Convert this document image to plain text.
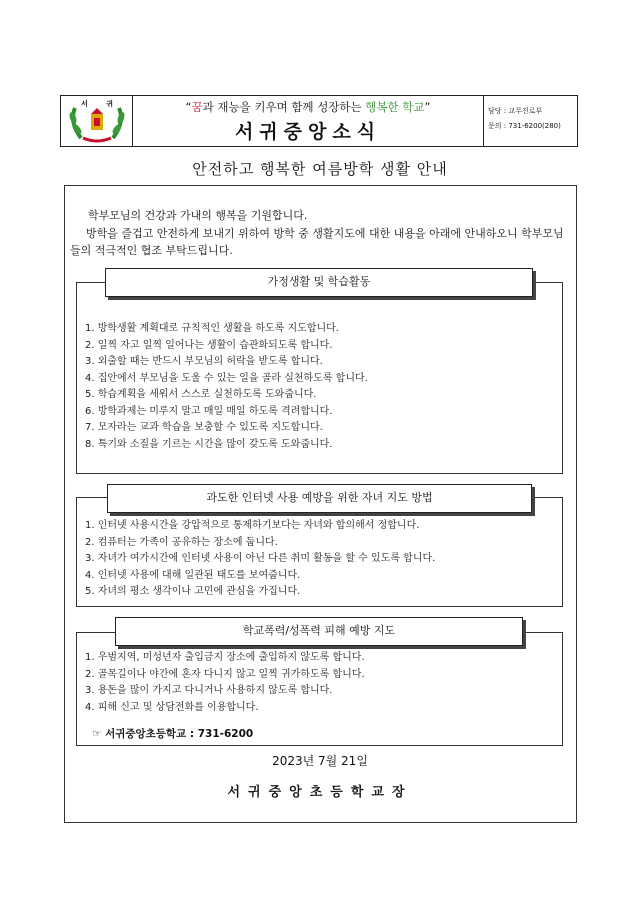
서 귀	“꿈과 재능을 키우며 함께 성장하는 행복한 학교”
서귀중앙소식
담당 : 교무진로부
문의 : 731-6200(280)
안전하고 행복한 여름방학 생활 안내
학부모님의 건강과 가내의 행복을 기원합니다.
방학을 즐겁고 안전하게 보내기 위하여 방학 중 생활지도에 대한 내용을 아래에 안내하오니 학부모님들의 적극적인 협조 부탁드립니다.
가정생활 및 학습활동
1. 방학생활 계획대로 규칙적인 생활을 하도록 지도합니다.
2. 일찍 자고 일찍 일어나는 생활이 습관화되도록 합니다.
3. 외출할 때는 반드시 부모님의 허락을 받도록 합니다.
4. 집안에서 부모님을 도울 수 있는 일을 골라 실천하도록 합니다.
5. 학습계획을 세워서 스스로 실천하도록 도와줍니다.
6. 방학과제는 미루지 말고 매일 매일 하도록 격려합니다.
7. 모자라는 교과 학습을 보충할 수 있도록 지도합니다.
8. 특기와 소질을 기르는 시간을 많이 갖도록 도와줍니다.
과도한 인터넷 사용 예방을 위한 자녀 지도 방법
1. 인터넷 사용시간을 강압적으로 통제하기보다는 자녀와 합의해서 정합니다.
2. 컴퓨터는 가족이 공유하는 장소에 둡니다.
3. 자녀가 여가시간에 인터넷 사용이 아닌 다른 취미 활동을 할 수 있도록 합니다.
4. 인터넷 사용에 대해 일관된 태도를 보여줍니다.
5. 자녀의 평소 생각이나 고민에 관심을 가집니다.
학교폭력/성폭력 피해 예방 지도
1. 우범지역, 미성년자 출입금지 장소에 출입하지 않도록 합니다.
2. 골목길이나 야간에 혼자 다니지 않고 일찍 귀가하도록 합니다.
3. 용돈을 많이 가지고 다니거나 사용하지 않도록 합니다.
4. 피해 신고 및 상담전화를 이용합니다.
☞ 서귀중앙초등학교 : 731-6200
2023년 7월 21일
서귀중앙초등학교장
